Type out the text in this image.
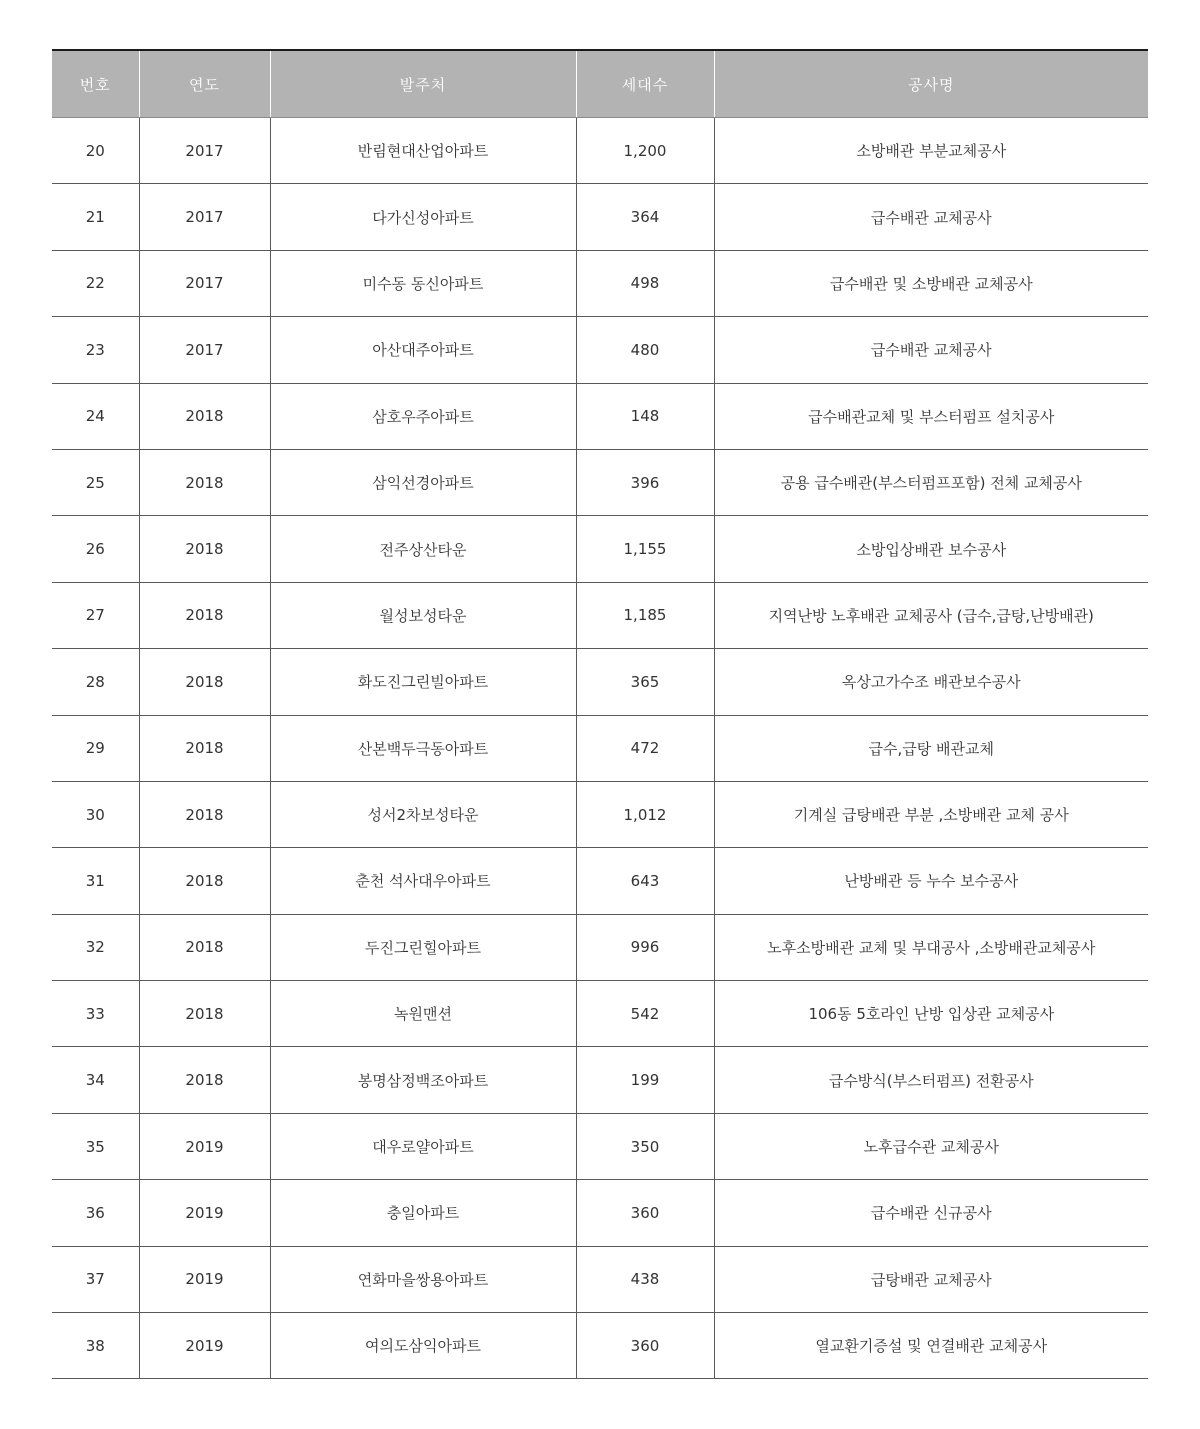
번호	연도	발주처	세대수	공사명
20	2017	반림현대산업아파트	1,200	소방배관 부분교체공사
21	2017	다가신성아파트	364	급수배관 교체공사
22	2017	미수동 동신아파트	498	급수배관 및 소방배관 교체공사
23	2017	아산대주아파트	480	급수배관 교체공사
24	2018	삼호우주아파트	148	급수배관교체 및 부스터펌프 설치공사
25	2018	삼익선경아파트	396	공용 급수배관(부스터펌프포함) 전체 교체공사
26	2018	전주상산타운	1,155	소방입상배관 보수공사
27	2018	월성보성타운	1,185	지역난방 노후배관 교체공사 (급수,급탕,난방배관)
28	2018	화도진그린빌아파트	365	옥상고가수조 배관보수공사
29	2018	산본백두극동아파트	472	급수,급탕 배관교체
30	2018	성서2차보성타운	1,012	기계실 급탕배관 부분 ,소방배관 교체 공사
31	2018	춘천 석사대우아파트	643	난방배관 등 누수 보수공사
32	2018	두진그린힐아파트	996	노후소방배관 교체 및 부대공사 ,소방배관교체공사
33	2018	녹원맨션	542	106동 5호라인 난방 입상관 교체공사
34	2018	봉명삼정백조아파트	199	급수방식(부스터펌프) 전환공사
35	2019	대우로얄아파트	350	노후급수관 교체공사
36	2019	충일아파트	360	급수배관 신규공사
37	2019	연화마을쌍용아파트	438	급탕배관 교체공사
38	2019	여의도삼익아파트	360	열교환기증설 및 연결배관 교체공사
